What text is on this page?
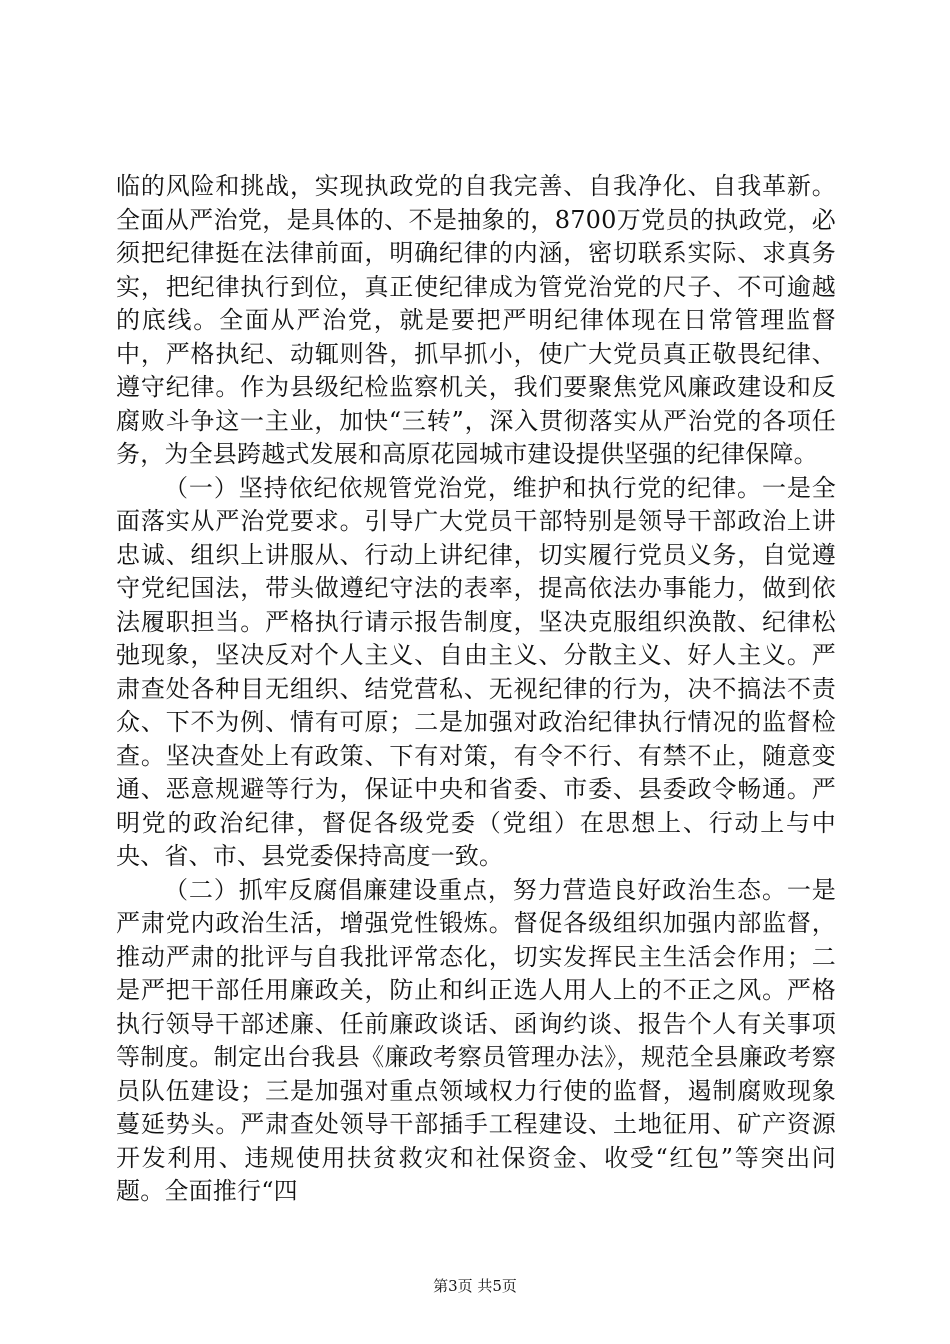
临的风险和挑战，实现执政党的自我完善、自我净化、自我革新。全面从严治党，是具体的、不是抽象的，8700万党员的执政党，必须把纪律挺在法律前面，明确纪律的内涵，密切联系实际、求真务实，把纪律执行到位，真正使纪律成为管党治党的尺子、不可逾越的底线。全面从严治党，就是要把严明纪律体现在日常管理监督中，严格执纪、动辄则咎，抓早抓小，使广大党员真正敬畏纪律、遵守纪律。作为县级纪检监察机关，我们要聚焦党风廉政建设和反腐败斗争这一主业，加快“三转”，深入贯彻落实从严治党的各项任务，为全县跨越式发展和高原花园城市建设提供坚强的纪律保障。

（一）坚持依纪依规管党治党，维护和执行党的纪律。一是全面落实从严治党要求。引导广大党员干部特别是领导干部政治上讲忠诚、组织上讲服从、行动上讲纪律，切实履行党员义务，自觉遵守党纪国法，带头做遵纪守法的表率，提高依法办事能力，做到依法履职担当。严格执行请示报告制度，坚决克服组织涣散、纪律松弛现象，坚决反对个人主义、自由主义、分散主义、好人主义。严肃查处各种目无组织、结党营私、无视纪律的行为，决不搞法不责众、下不为例、情有可原；二是加强对政治纪律执行情况的监督检查。坚决查处上有政策、下有对策，有令不行、有禁不止，随意变通、恶意规避等行为，保证中央和省委、市委、县委政令畅通。严明党的政治纪律，督促各级党委（党组）在思想上、行动上与中央、省、市、县党委保持高度一致。

（二）抓牢反腐倡廉建设重点，努力营造良好政治生态。一是严肃党内政治生活，增强党性锻炼。督促各级组织加强内部监督，推动严肃的批评与自我批评常态化，切实发挥民主生活会作用；二是严把干部任用廉政关，防止和纠正选人用人上的不正之风。严格执行领导干部述廉、任前廉政谈话、函询约谈、报告个人有关事项等制度。制定出台我县《廉政考察员管理办法》，规范全县廉政考察员队伍建设；三是加强对重点领域权力行使的监督，遏制腐败现象蔓延势头。严肃查处领导干部插手工程建设、土地征用、矿产资源开发利用、违规使用扶贫救灾和社保资金、收受“红包”等突出问题。全面推行“四

第3页 共5页
